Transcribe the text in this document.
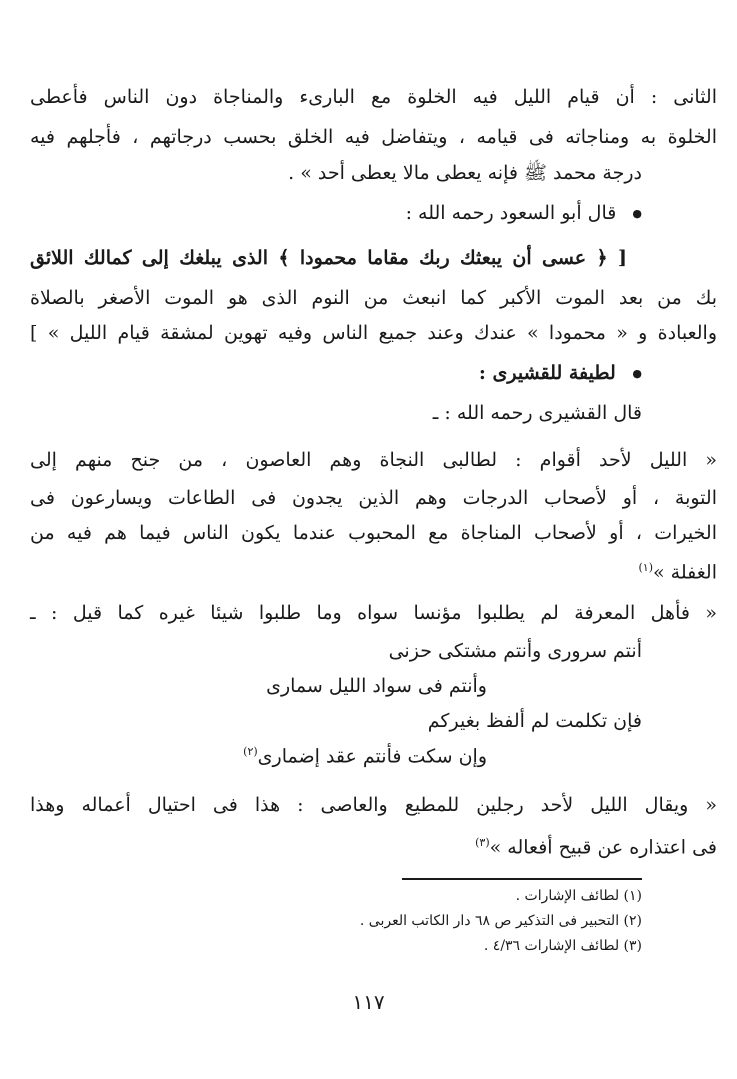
الثانى : أن قيام الليل فيه الخلوة مع البارىء والمناجاة دون الناس فأعطى
الخلوة به ومناجاته فى قيامه ، ويتفاضل فيه الخلق بحسب درجاتهم ، فأجلهم فيه
درجة محمد ﷺ فإنه يعطى مالا يعطى أحد » .
● قال أبو السعود رحمه الله :
[ ﴿ عسى أن يبعثك ربك مقاما محمودا ﴾ الذى يبلغك إلى كمالك اللائق
بك من بعد الموت الأكبر كما انبعث من النوم الذى هو الموت الأصغر بالصلاة
والعبادة و « محمودا » عندك وعند جميع الناس وفيه تهوين لمشقة قيام الليل » ]
● لطيفة للقشيرى :
قال القشيرى رحمه الله : ـ
« الليل لأحد أقوام : لطالبى النجاة وهم العاصون ، من جنح منهم إلى
التوبة ، أو لأصحاب الدرجات وهم الذين يجدون فى الطاعات ويسارعون فى
الخيرات ، أو لأصحاب المناجاة مع المحبوب عندما يكون الناس فيما هم فيه من
الغفلة »$^{(١)}$
« فأهل المعرفة لم يطلبوا مؤنسا سواه وما طلبوا شيئا غيره كما قيل : ـ
أنتم سرورى وأنتم مشتكى حزنى
وأنتم فى سواد الليل سمارى
فإن تكلمت لم ألفظ بغيركم
وإن سكت فأنتم عقد إضمارى$^{(٢)}$
« ويقال الليل لأحد رجلين للمطيع والعاصى : هذا فى احتيال أعماله وهذا
فى اعتذاره عن قبيح أفعاله »$^{(٣)}$
(١) لطائف الإشارات .
(٢) التحبير فى التذكير ص ٦٨ دار الكاتب العربى .
(٣) لطائف الإشارات ٤/٣٦ .
١١٧
